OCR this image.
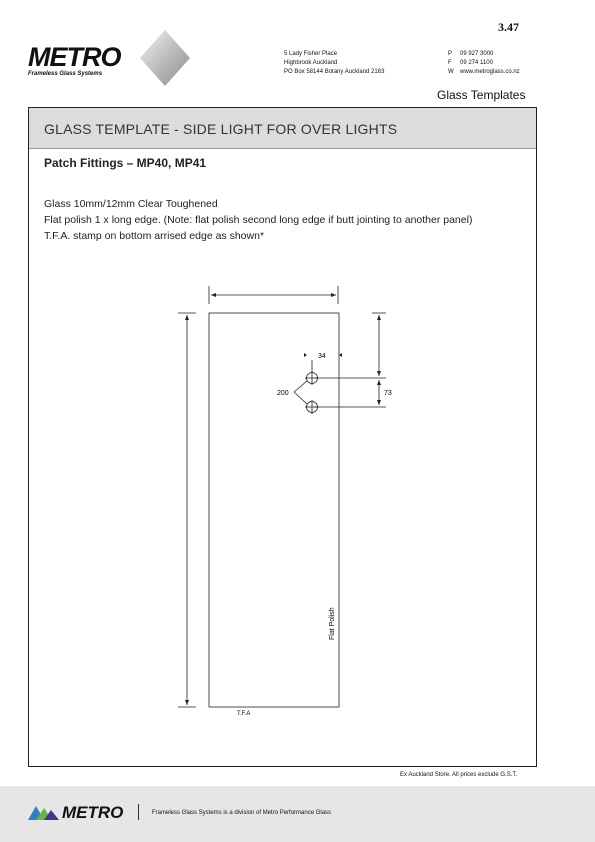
3.47
METRO
Frameless Glass Systems
5 Lady Fisher Place
Highbrook Auckland
PO Box 58144 Botany Auckland 2163
P 09 927 3000
F 09 274 1100
W www.metroglass.co.nz
Glass Templates
GLASS TEMPLATE - SIDE LIGHT FOR OVER LIGHTS
Patch Fittings – MP40, MP41
Glass 10mm/12mm Clear Toughened
Flat polish 1 x long edge. (Note: flat polish second long edge if butt jointing to another panel)
T.F.A. stamp on bottom arrised edge as shown*
34
200	73
Flat Polish
T.F.A
Ex Auckland Store. All prices exclude G.S.T.
METRO	Frameless Glass Systems is a division of Metro Performance Glass
